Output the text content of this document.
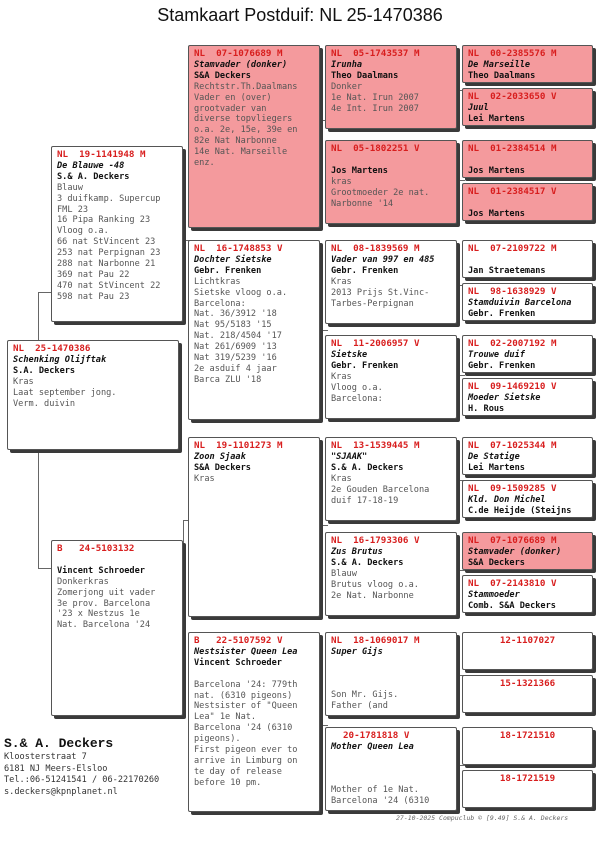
Stamkaart Postduif: NL 25-1470386
NL  25-1470386
Schenking Olijftak
S.A. Deckers
Kras
Laat september jong.
Verm. duivin
NL  19-1141948 M
De Blauwe -48
S.& A. Deckers
Blauw
3 duifkamp. Supercup
FML 23
16 Pipa Ranking 23
Vloog o.a.
66 nat StVincent 23
253 nat Perpignan 23
288 nat Narbonne 21
369 nat Pau 22
470 nat StVincent 22
598 nat Pau 23
B   24-5103132
Vincent Schroeder
Donkerkras
Zomerjong uit vader
3e prov. Barcelona
'23 x Nestzus 1e
Nat. Barcelona '24
NL  07-1076689 M
Stamvader (donker)
S&A Deckers
Rechtstr.Th.Daalmans
Vader en (over)
grootvader van
diverse topvliegers
o.a. 2e, 15e, 39e en
82e Nat Narbonne
14e Nat. Marseille
enz.
NL  16-1748853 V
Dochter Sietske
Gebr. Frenken
Lichtkras
Sietske vloog o.a.
Barcelona:
Nat. 36/3912 '18
Nat 95/5183 '15
Nat. 218/4504 '17
Nat 261/6909 '13
Nat 319/5239 '16
2e asduif 4 jaar
Barca ZLU '18
NL  19-1101273 M
Zoon Sjaak
S&A Deckers
Kras
B   22-5107592 V
Nestsister Queen Lea
Vincent Schroeder
Barcelona '24: 779th
nat. (6310 pigeons)
Nestsister of "Queen
Lea" 1e Nat.
Barcelona '24 (6310
pigeons).
First pigeon ever to
arrive in Limburg on
te day of release
before 10 pm.
NL  05-1743537 M
Irunha
Theo Daalmans
Donker
1e Nat. Irun 2007
4e Int. Irun 2007
NL  05-1802251 V
Jos Martens
kras
Grootmoeder 2e nat.
Narbonne '14
NL  08-1839569 M
Vader van 997 en 485
Gebr. Frenken
Kras
2013 Prijs St.Vinc-
Tarbes-Perpignan
NL  11-2006957 V
Sietske
Gebr. Frenken
Kras
Vloog o.a.
Barcelona:
NL  13-1539445 M
"SJAAK"
S.& A. Deckers
Kras
2e Gouden Barcelona
duif 17-18-19
NL  16-1793306 V
Zus Brutus
S.& A. Deckers
Blauw
Brutus vloog o.a.
2e Nat. Narbonne
NL  18-1069017 M
Super Gijs
Son Mr. Gijs.
Father (and
20-1781818 V
Mother Queen Lea
Mother of 1e Nat.
Barcelona '24 (6310
NL  00-2385576 M
De Marseille
Theo Daalmans
NL  02-2033650 V
Juul
Lei Martens
NL  01-2384514 M
Jos Martens
NL  01-2384517 V
Jos Martens
NL  07-2109722 M
Jan Straetemans
NL  98-1638929 V
Stamduivin Barcelona
Gebr. Frenken
NL  02-2007192 M
Trouwe duif
Gebr. Frenken
NL  09-1469210 V
Moeder Sietske
H. Rous
NL  07-1025344 M
De Statige
Lei Martens
NL  09-1509285 V
Kld. Don Michel
C.de Heijde (Steijns
NL  07-1076689 M
Stamvader (donker)
S&A Deckers
NL  07-2143810 V
Stammoeder
Comb. S&A Deckers
12-1107027
15-1321366
18-1721510
18-1721519
S.& A. Deckers
Kloosterstraat 7
6181 NJ Meers-Elsloo
Tel.:06-51241541 / 06-22170260
s.deckers@kpnplanet.nl
27-10-2025 Compuclub © [9.49] S.& A. Deckers
